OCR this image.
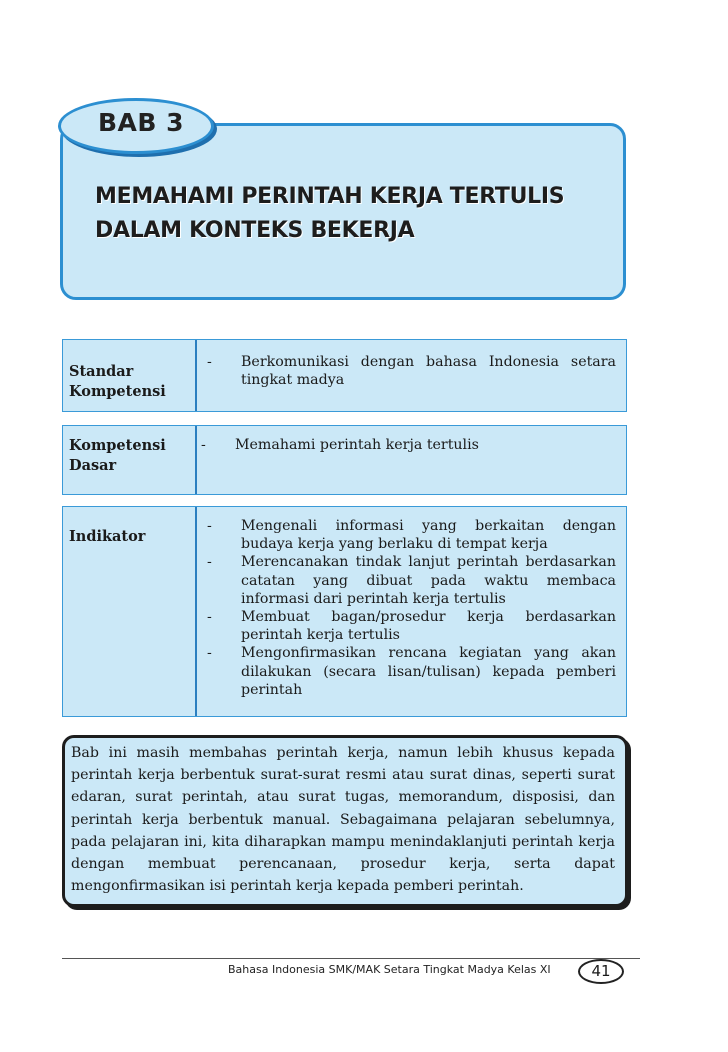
BAB 3
MEMAHAMI PERINTAH KERJA TERTULIS
DALAM KONTEKS BEKERJA
Standar Kompetensi
- Berkomunikasi dengan bahasa Indonesia setara tingkat madya
Kompetensi Dasar
- Memahami perintah kerja tertulis
Indikator
- Mengenali informasi yang berkaitan dengan budaya kerja yang berlaku di tempat kerja
- Merencanakan tindak lanjut perintah berdasarkan catatan yang dibuat pada waktu membaca informasi dari perintah kerja tertulis
- Membuat bagan/prosedur kerja berdasarkan perintah kerja tertulis
- Mengonfirmasikan rencana kegiatan yang akan dilakukan (secara lisan/tulisan) kepada pemberi perintah
Bab ini masih membahas perintah kerja, namun lebih khusus kepada perintah kerja berbentuk surat-surat resmi atau surat dinas, seperti surat edaran, surat perintah, atau surat tugas, memorandum, disposisi, dan perintah kerja berbentuk manual. Sebagaimana pelajaran sebelumnya, pada pelajaran ini, kita diharapkan mampu menindaklanjuti perintah kerja dengan membuat perencanaan, prosedur kerja, serta dapat mengonfirmasikan isi perintah kerja kepada pemberi perintah.
Bahasa Indonesia SMK/MAK Setara Tingkat Madya Kelas XI	41
